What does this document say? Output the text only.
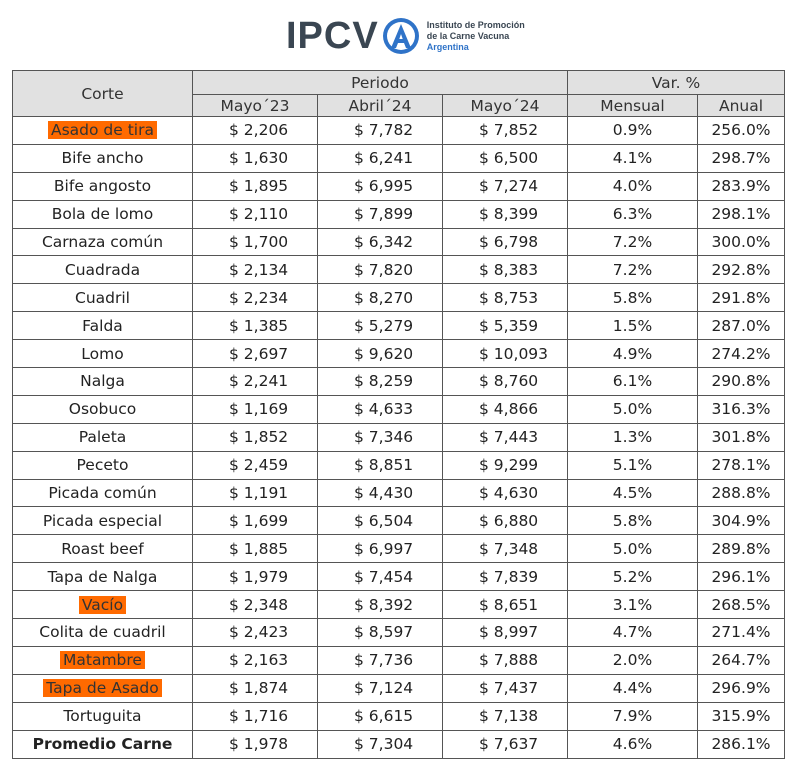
IPCV	Instituto de Promoción
de la Carne Vacuna
Argentina
Corte	Periodo			Var. %	
	Mayo´23	Abril´24	Mayo´24	Mensual	Anual
Asado de tira	$ 2,206	$ 7,782	$ 7,852	0.9%	256.0%
Bife ancho	$ 1,630	$ 6,241	$ 6,500	4.1%	298.7%
Bife angosto	$ 1,895	$ 6,995	$ 7,274	4.0%	283.9%
Bola de lomo	$ 2,110	$ 7,899	$ 8,399	6.3%	298.1%
Carnaza común	$ 1,700	$ 6,342	$ 6,798	7.2%	300.0%
Cuadrada	$ 2,134	$ 7,820	$ 8,383	7.2%	292.8%
Cuadril	$ 2,234	$ 8,270	$ 8,753	5.8%	291.8%
Falda	$ 1,385	$ 5,279	$ 5,359	1.5%	287.0%
Lomo	$ 2,697	$ 9,620	$ 10,093	4.9%	274.2%
Nalga	$ 2,241	$ 8,259	$ 8,760	6.1%	290.8%
Osobuco	$ 1,169	$ 4,633	$ 4,866	5.0%	316.3%
Paleta	$ 1,852	$ 7,346	$ 7,443	1.3%	301.8%
Peceto	$ 2,459	$ 8,851	$ 9,299	5.1%	278.1%
Picada común	$ 1,191	$ 4,430	$ 4,630	4.5%	288.8%
Picada especial	$ 1,699	$ 6,504	$ 6,880	5.8%	304.9%
Roast beef	$ 1,885	$ 6,997	$ 7,348	5.0%	289.8%
Tapa de Nalga	$ 1,979	$ 7,454	$ 7,839	5.2%	296.1%
Vacío	$ 2,348	$ 8,392	$ 8,651	3.1%	268.5%
Colita de cuadril	$ 2,423	$ 8,597	$ 8,997	4.7%	271.4%
Matambre	$ 2,163	$ 7,736	$ 7,888	2.0%	264.7%
Tapa de Asado	$ 1,874	$ 7,124	$ 7,437	4.4%	296.9%
Tortuguita	$ 1,716	$ 6,615	$ 7,138	7.9%	315.9%
Promedio Carne	$ 1,978	$ 7,304	$ 7,637	4.6%	286.1%
